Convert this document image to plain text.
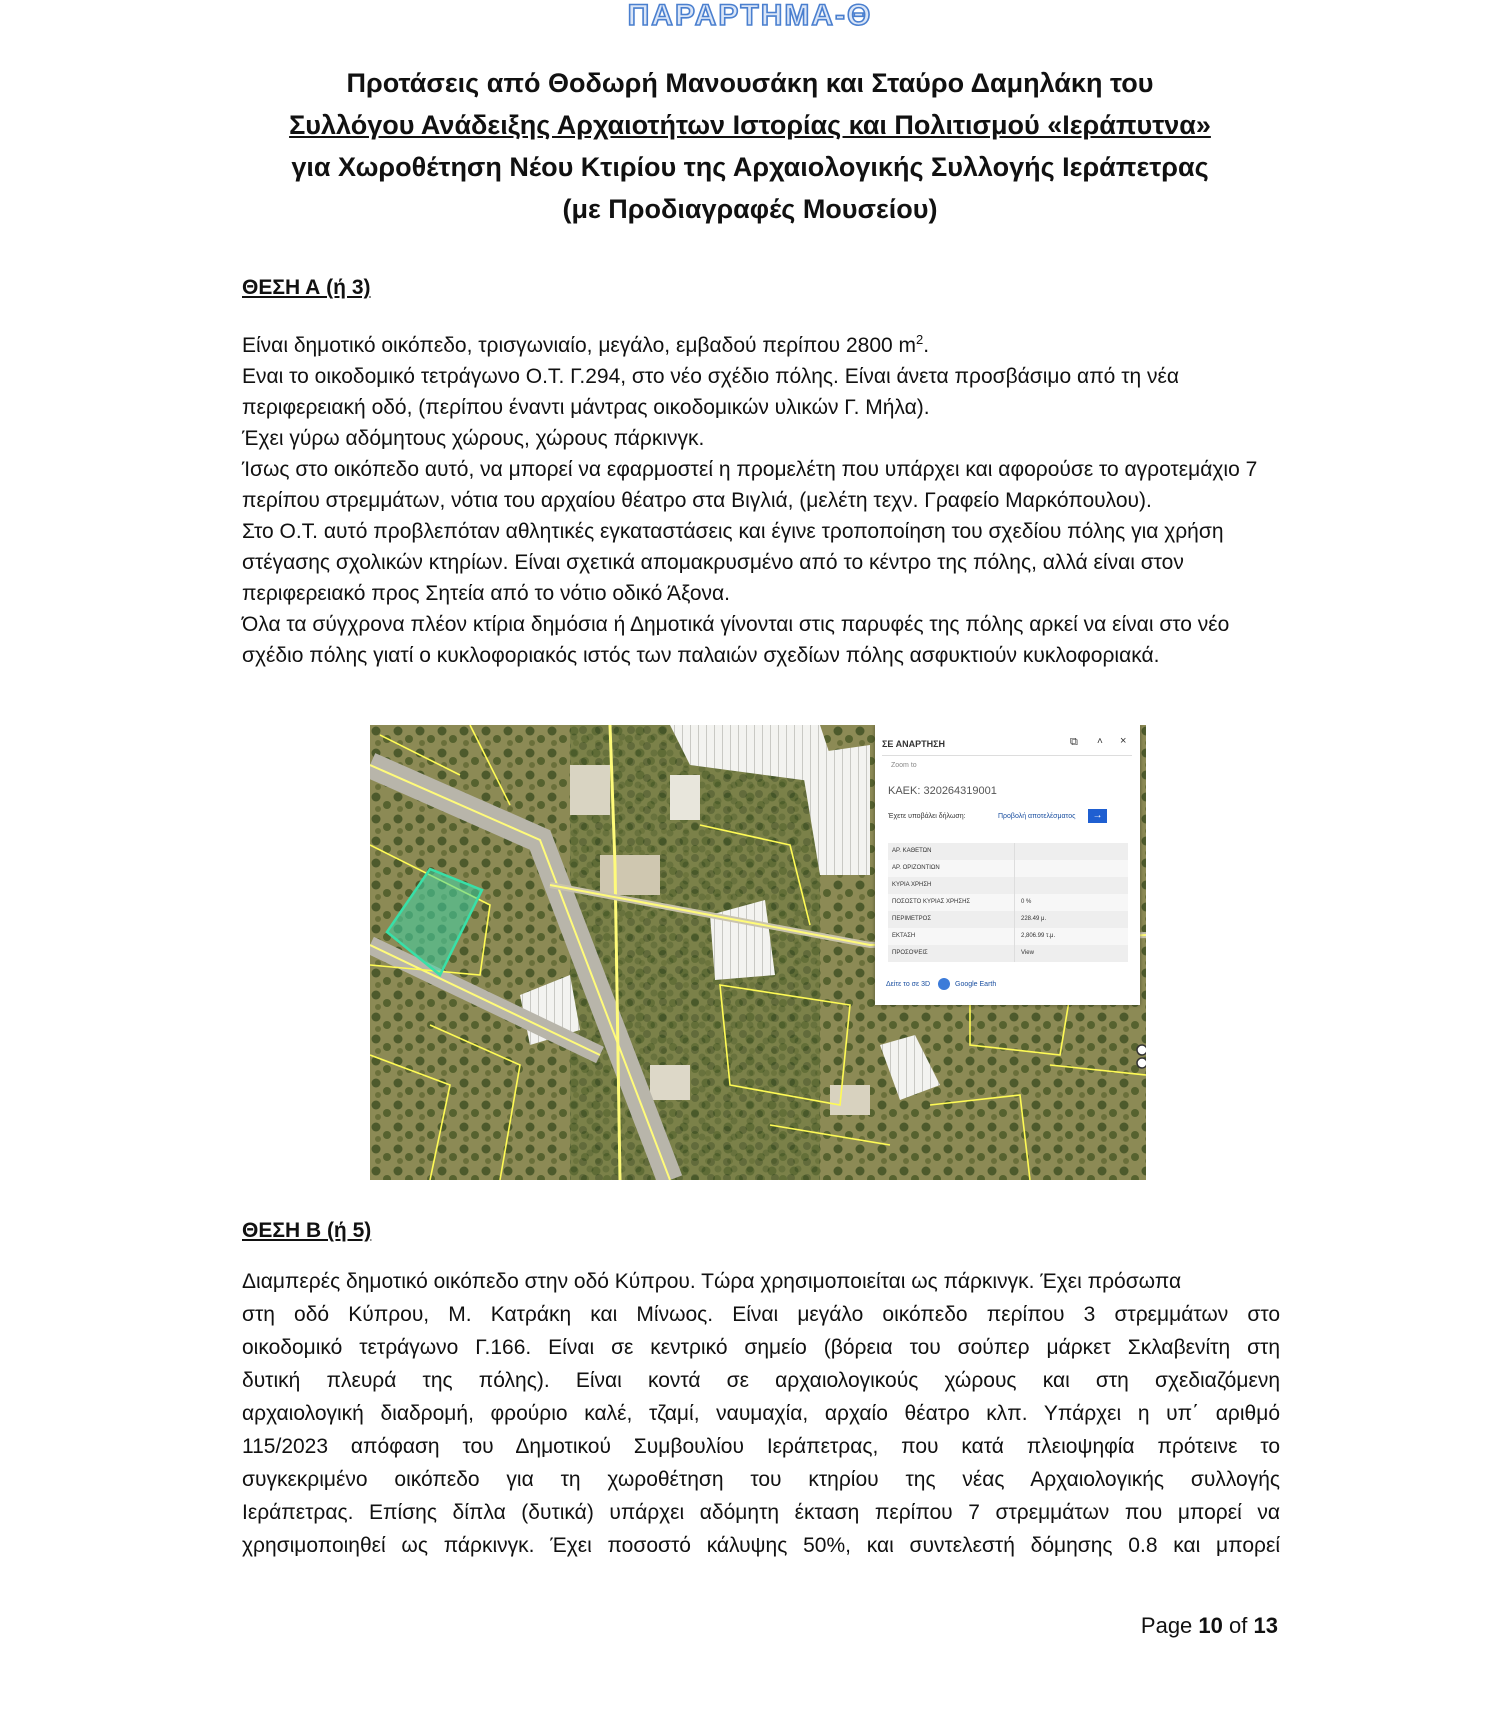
ΠΑΡΑΡΤΗΜΑ-Θ
Προτάσεις από Θοδωρή Μανουσάκη και Σταύρο Δαμηλάκη του
Συλλόγου Ανάδειξης Αρχαιοτήτων Ιστορίας και Πολιτισμού «Ιεράπυτνα»
για Χωροθέτηση Νέου Κτιρίου της Αρχαιολογικής Συλλογής Ιεράπετρας
(με Προδιαγραφές Μουσείου)
ΘΕΣΗ Α (ή 3)

Είναι δημοτικό οικόπεδο, τρισγωνιαίο, μεγάλο, εμβαδού περίπου 2800 $m^2$.

Εναι το οικοδομικό τετράγωνο Ο.Τ. Γ.294, στο νέο σχέδιο πόλης. Είναι άνετα προσβάσιμο από τη νέα περιφερειακή οδό, (περίπου έναντι μάντρας οικοδομικών υλικών Γ. Μήλα).

Έχει γύρω αδόμητους χώρους, χώρους πάρκινγκ.

Ίσως στο οικόπεδο αυτό, να μπορεί να εφαρμοστεί η προμελέτη που υπάρχει και αφορούσε το αγροτεμάχιο 7 περίπου στρεμμάτων, νότια του αρχαίου θέατρο στα Βιγλιά, (μελέτη τεχν. Γραφείο Μαρκόπουλου).

Στο Ο.Τ. αυτό προβλεπόταν αθλητικές εγκαταστάσεις και έγινε τροποποίηση του σχεδίου πόλης για χρήση στέγασης σχολικών κτηρίων. Είναι σχετικά απομακρυσμένο από το κέντρο της πόλης, αλλά είναι στον περιφερειακό προς Σητεία από το νότιο οδικό Άξονα.

Όλα τα σύγχρονα πλέον κτίρια δημόσια ή Δημοτικά γίνονται στις παρυφές της πόλης αρκεί να είναι στο νέο σχέδιο πόλης γιατί ο κυκλοφοριακός ιστός των παλαιών σχεδίων πόλης ασφυκτιούν κυκλοφοριακά.

ΣΕ ΑΝΑΡΤΗΣΗ	⧉ ˄ ×
Zoom to
ΚΑΕΚ: 320264319001
Έχετε υποβάλει δήλωση:	Προβολή αποτελέσματος	→
ΑΡ. ΚΑΘΕΤΩΝ
ΑΡ. ΟΡΙΖΟΝΤΙΩΝ
ΚΥΡΙΑ ΧΡΗΣΗ
ΠΟΣΟΣΤΟ ΚΥΡΙΑΣ ΧΡΗΣΗΣ	0 %
ΠΕΡΙΜΕΤΡΟΣ	228.49 μ.
ΕΚΤΑΣΗ	2,806.99 τ.μ.
ΠΡΟΣΟΨΕΙΣ	View
Δείτε το σε 3D	Google Earth
ΘΕΣΗ Β (ή 5)
Διαμπερές δημοτικό οικόπεδο στην οδό Κύπρου. Τώρα χρησιμοποιείται ως πάρκινγκ. Έχει πρόσωπα
στη οδό Κύπρου, Μ. Κατράκη και Μίνωος. Είναι μεγάλο οικόπεδο περίπου 3 στρεμμάτων στο
οικοδομικό τετράγωνο Γ.166. Είναι σε κεντρικό σημείο (βόρεια του σούπερ μάρκετ Σκλαβενίτη στη
δυτική πλευρά της πόλης). Είναι κοντά σε αρχαιολογικούς χώρους και στη σχεδιαζόμενη
αρχαιολογική διαδρομή, φρούριο καλέ, τζαμί, ναυμαχία, αρχαίο θέατρο κλπ. Υπάρχει η υπ΄ αριθμό
115/2023 απόφαση του Δημοτικού Συμβουλίου Ιεράπετρας, που κατά πλειοψηφία πρότεινε το
συγκεκριμένο οικόπεδο για τη χωροθέτηση του κτηρίου της νέας Αρχαιολογικής συλλογής
Ιεράπετρας. Επίσης δίπλα (δυτικά) υπάρχει αδόμητη έκταση περίπου 7 στρεμμάτων που μπορεί να
χρησιμοποιηθεί ως πάρκινγκ. Έχει ποσοστό κάλυψης 50%, και συντελεστή δόμησης 0.8 και μπορεί
Page 10 of 13
